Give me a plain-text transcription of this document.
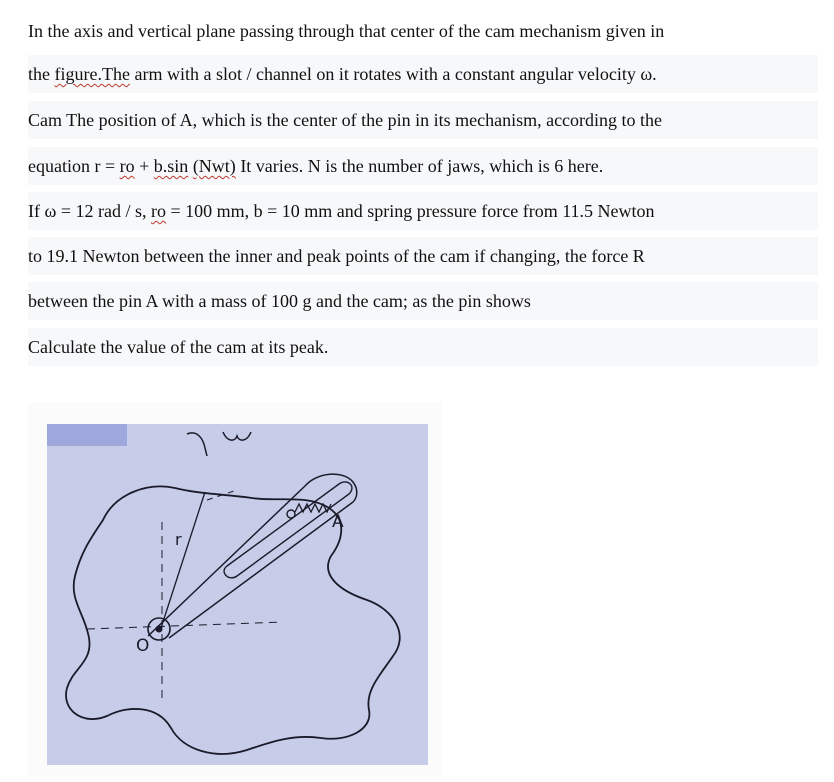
In the axis and vertical plane passing through that center of the cam mechanism given in
the figure.The arm with a slot / channel on it rotates with a constant angular velocity ω.
Cam The position of A, which is the center of the pin in its mechanism, according to the
equation r = ro + b.sin (Nwt) It varies. N is the number of jaws, which is 6 here.
If ω = 12 rad / s, ro = 100 mm, b = 10 mm and spring pressure force from 11.5 Newton
to 19.1 Newton between the inner and peak points of the cam if changing, the force R
between the pin A with a mass of 100 g and the cam; as the pin shows
Calculate the value of the cam at its peak.
r
A
O
